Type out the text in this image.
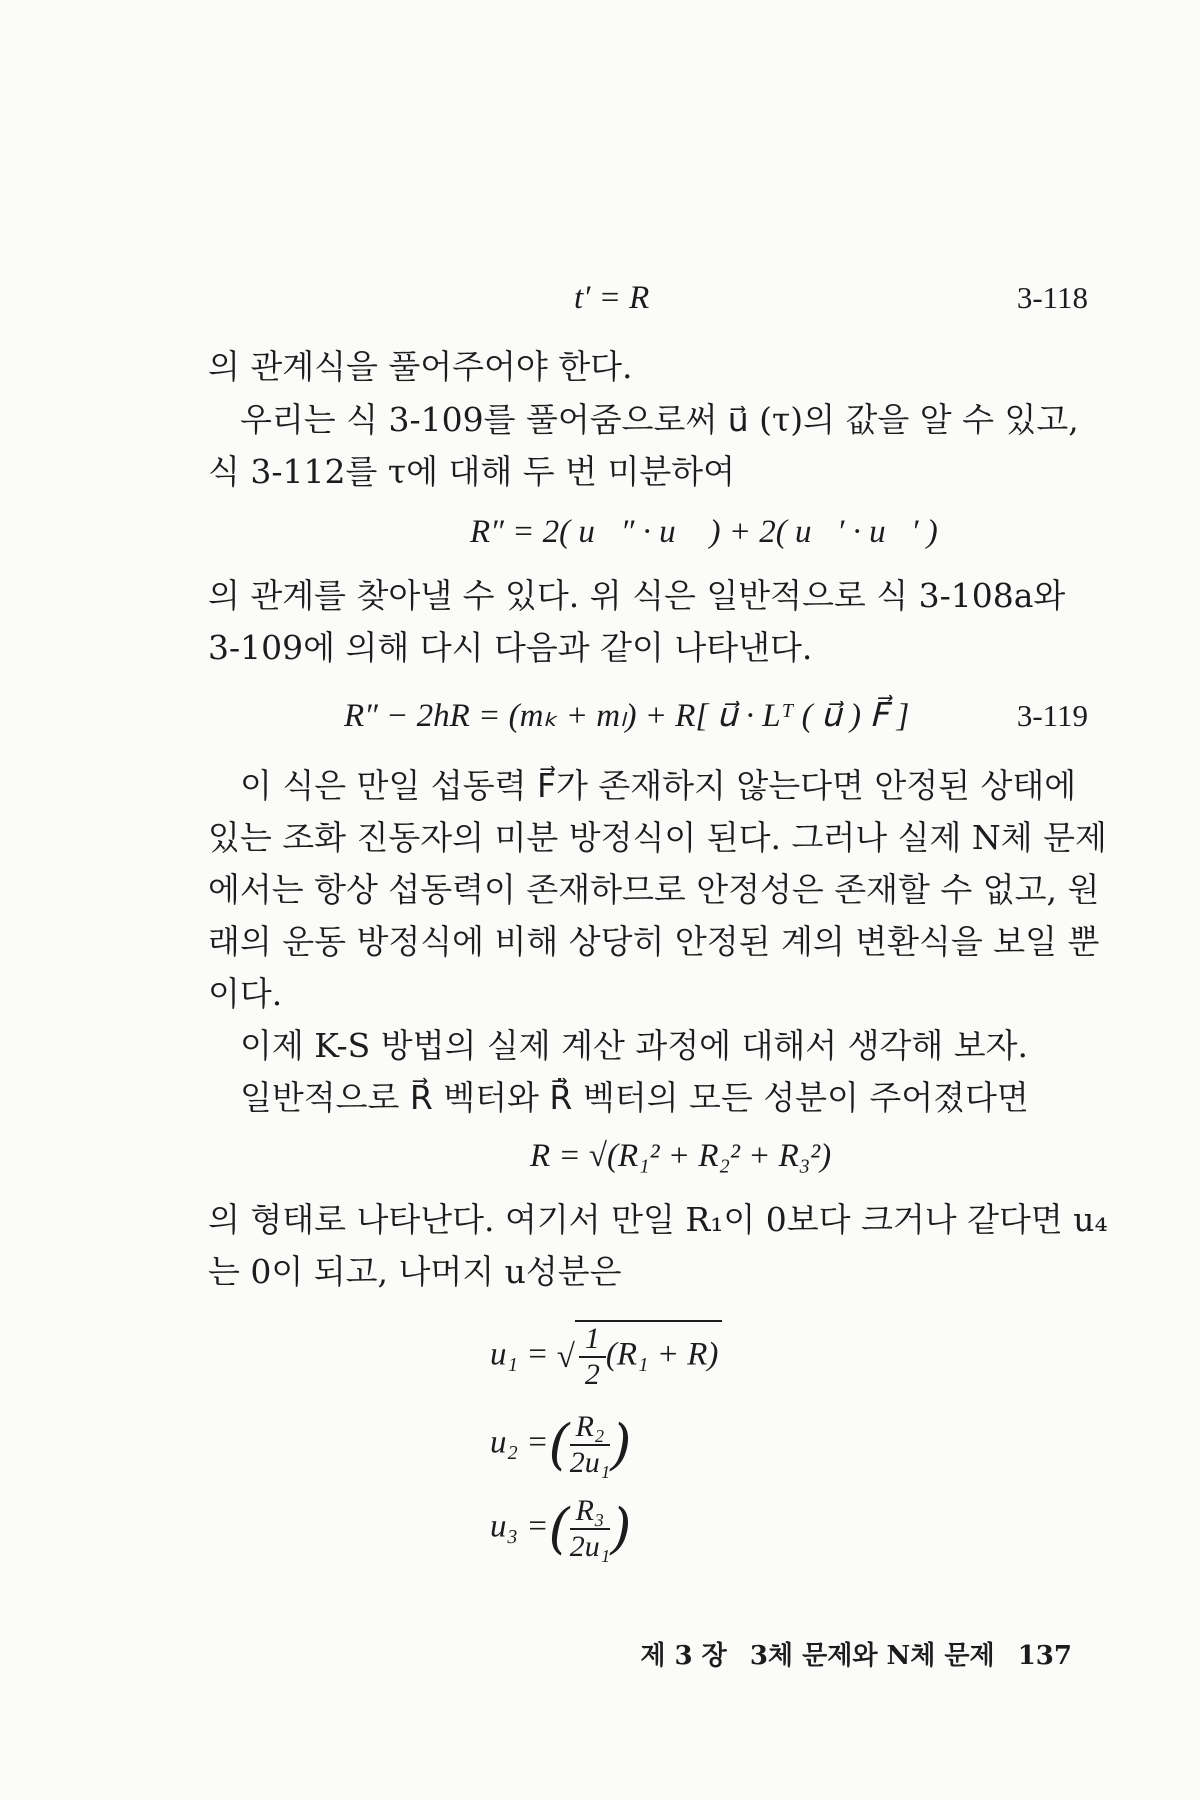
t′ = R	3-118
의 관계식을 풀어주어야 한다.
우리는 식 3-109를 풀어줌으로써 u⃗ (τ)의 값을 알 수 있고,
식 3-112를 τ에 대해 두 번 미분하여
R″ = 2( u⃗″ · u⃗ ) + 2( u⃗′ · u⃗′ )
의 관계를 찾아낼 수 있다. 위 식은 일반적으로 식 3-108a와
3-109에 의해 다시 다음과 같이 나타낸다.
R″ − 2hR = (mₖ + mₗ) + R[ u⃗ · Lᵀ ( u⃗ ) F⃗ ]	3-119
이 식은 만일 섭동력 F⃗가 존재하지 않는다면 안정된 상태에
있는 조화 진동자의 미분 방정식이 된다. 그러나 실제 N체 문제
에서는 항상 섭동력이 존재하므로 안정성은 존재할 수 없고, 원
래의 운동 방정식에 비해 상당히 안정된 계의 변환식을 보일 뿐
이다.
이제 K-S 방법의 실제 계산 과정에 대해서 생각해 보자.
일반적으로 R⃗ 벡터와 R⃗̇ 벡터의 모든 성분이 주어졌다면
R = √(R₁² + R₂² + R₃²)
의 형태로 나타난다. 여기서 만일 R₁이 0보다 크거나 같다면 u₄
는 0이 되고, 나머지 u성분은
u₁ = √ $\frac{1}{2} (R_1 + R)$
u₂ =( $\frac{\text{R₂}}{\text{2u₁}}$ )
u₃ =( $\frac{\text{R₃}}{\text{2u₁}}$ )
제 3 장 3체 문제와 N체 문제 137
